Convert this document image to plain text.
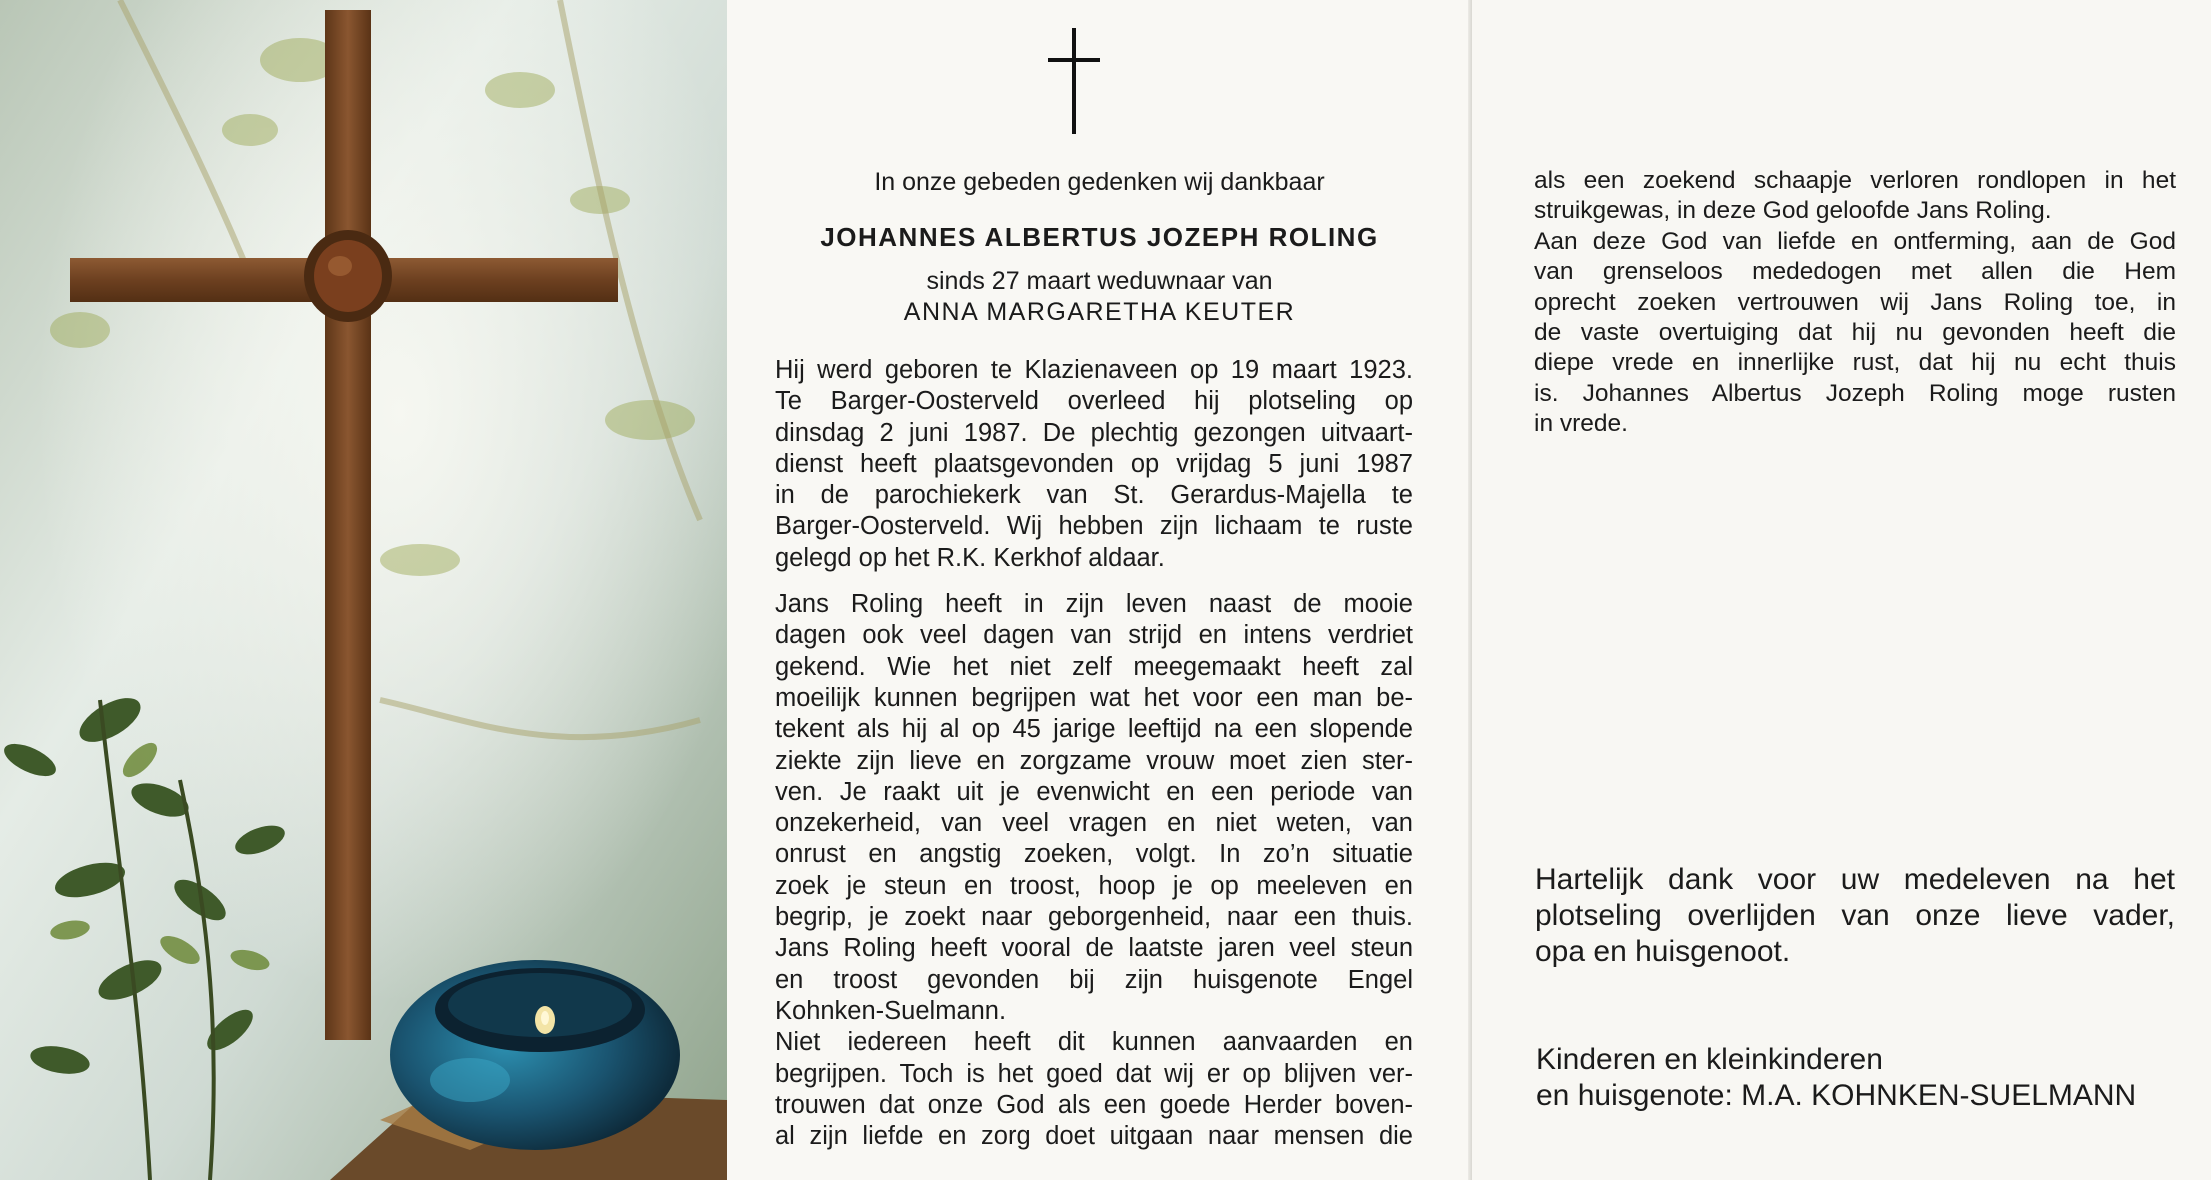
In onze gebeden gedenken wij dankbaar
JOHANNES ALBERTUS JOZEPH ROLING
sinds 27 maart weduwnaar van
ANNA MARGARETHA KEUTER
Hij werd geboren te Klazienaveen op 19 maart 1923.
Te Barger-Oosterveld overleed hij plotseling op
dinsdag 2 juni 1987. De plechtig gezongen uitvaart-
dienst heeft plaatsgevonden op vrijdag 5 juni 1987
in de parochiekerk van St. Gerardus-Majella te
Barger-Oosterveld. Wij hebben zijn lichaam te ruste
gelegd op het R.K. Kerkhof aldaar.
Jans Roling heeft in zijn leven naast de mooie
dagen ook veel dagen van strijd en intens verdriet
gekend. Wie het niet zelf meegemaakt heeft zal
moeilijk kunnen begrijpen wat het voor een man be-
tekent als hij al op 45 jarige leeftijd na een slopende
ziekte zijn lieve en zorgzame vrouw moet zien ster-
ven. Je raakt uit je evenwicht en een periode van
onzekerheid, van veel vragen en niet weten, van
onrust en angstig zoeken, volgt. In zo’n situatie
zoek je steun en troost, hoop je op meeleven en
begrip, je zoekt naar geborgenheid, naar een thuis.
Jans Roling heeft vooral de laatste jaren veel steun
en troost gevonden bij zijn huisgenote Engel
Kohnken-Suelmann.
Niet iedereen heeft dit kunnen aanvaarden en
begrijpen. Toch is het goed dat wij er op blijven ver-
trouwen dat onze God als een goede Herder boven-
al zijn liefde en zorg doet uitgaan naar mensen die
als een zoekend schaapje verloren rondlopen in het
struikgewas, in deze God geloofde Jans Roling.
Aan deze God van liefde en ontferming, aan de God
van grenseloos mededogen met allen die Hem
oprecht zoeken vertrouwen wij Jans Roling toe, in
de vaste overtuiging dat hij nu gevonden heeft die
diepe vrede en innerlijke rust, dat hij nu echt thuis
is. Johannes Albertus Jozeph Roling moge rusten
in vrede.
Hartelijk dank voor uw medeleven na het
plotseling overlijden van onze lieve vader,
opa en huisgenoot.
Kinderen en kleinkinderen
en huisgenote: M.A. KOHNKEN-SUELMANN
